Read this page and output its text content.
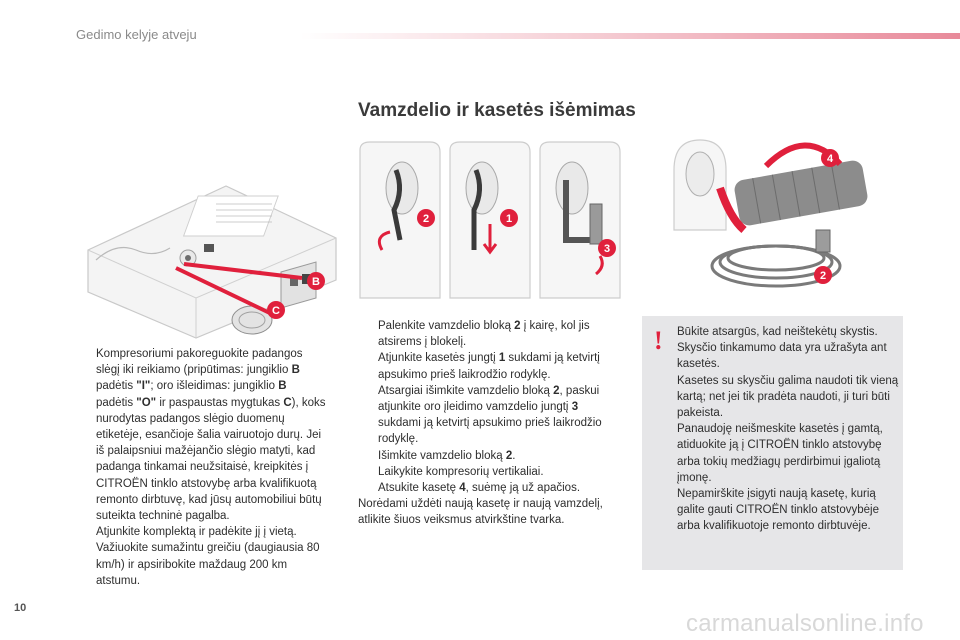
Gedimo kelyje atveju
Vamzdelio ir kasetės išėmimas
B
C
2	1
3
4
2
Kompresoriumi pakoreguokite padangos slėgį iki reikiamo (pripūtimas: jungiklio B padėtis "I"; oro išleidimas: jungiklio B padėtis "O" ir paspaustas mygtukas C), koks nurodytas padangos slėgio duomenų etiketėje, esančioje šalia vairuotojo durų. Jei iš palaipsniui mažėjančio slėgio matyti, kad padanga tinkamai neužsitaisė, kreipkitės į CITROËN tinklo atstovybę arba kvalifikuotą remonto dirbtuvę, kad jūsų automobiliui būtų suteikta techninė pagalba.
Atjunkite komplektą ir padėkite jį į vietą.
Važiuokite sumažintu greičiu (daugiausia 80 km/h) ir apsiribokite maždaug 200 km atstumu.
Palenkite vamzdelio bloką 2 į kairę, kol jis atsirems į blokelį.
Atjunkite kasetės jungtį 1 sukdami ją ketvirtį apsukimo prieš laikrodžio rodyklę.
Atsargiai išimkite vamzdelio bloką 2, paskui atjunkite oro įleidimo vamzdelio jungtį 3 sukdami ją ketvirtį apsukimo prieš laikrodžio rodyklę.
Išimkite vamzdelio bloką 2.
Laikykite kompresorių vertikaliai.
Atsukite kasetę 4, suėmę ją už apačios.
Norėdami uždėti naują kasetę ir naują vamzdelį, atlikite šiuos veiksmus atvirkštine tvarka.
! Būkite atsargūs, kad neištekėtų skystis. Skysčio tinkamumo data yra užrašyta ant kasetės.
Kasetes su skysčiu galima naudoti tik vieną kartą; net jei tik pradėta naudoti, ji turi būti pakeista.
Panaudoję neišmeskite kasetės į gamtą, atiduokite ją į CITROËN tinklo atstovybę arba tokių medžiagų perdirbimui įgaliotą įmonę.
Nepamirškite įsigyti naują kasetę, kurią galite gauti CITROËN tinklo atstovybėje arba kvalifikuotoje remonto dirbtuvėje.
10
carmanualsonline.info
